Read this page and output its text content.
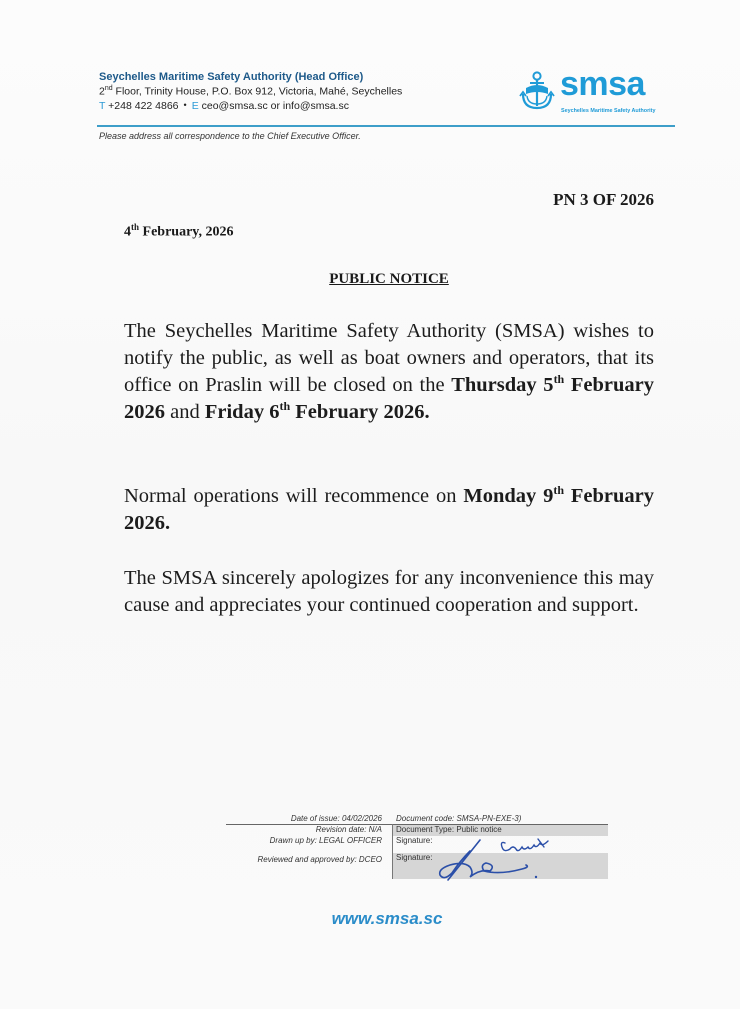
Seychelles Maritime Safety Authority (Head Office)
2nd Floor, Trinity House, P.O. Box 912, Victoria, Mahé, Seychelles
T +248 422 4866 • E ceo@smsa.sc or info@smsa.sc
Please address all correspondence to the Chief Executive Officer.
smsa
Seychelles Maritime Safety Authority
PN 3 OF 2026
4th February, 2026
PUBLIC NOTICE
The Seychelles Maritime Safety Authority (SMSA) wishes to notify the public, as well as boat owners and operators, that its office on Praslin will be closed on the Thursday 5th February 2026 and Friday 6th February 2026.
Normal operations will recommence on Monday 9th February 2026.
The SMSA sincerely apologizes for any inconvenience this may cause and appreciates your continued cooperation and support.
Date of issue: 04/02/2026 Document code: SMSA-PN-EXE-3)
Revision date: N/A Document Type: Public notice
Drawn up by: LEGAL OFFICER Signature:
Reviewed and approved by: DCEO Signature:
www.smsa.sc
